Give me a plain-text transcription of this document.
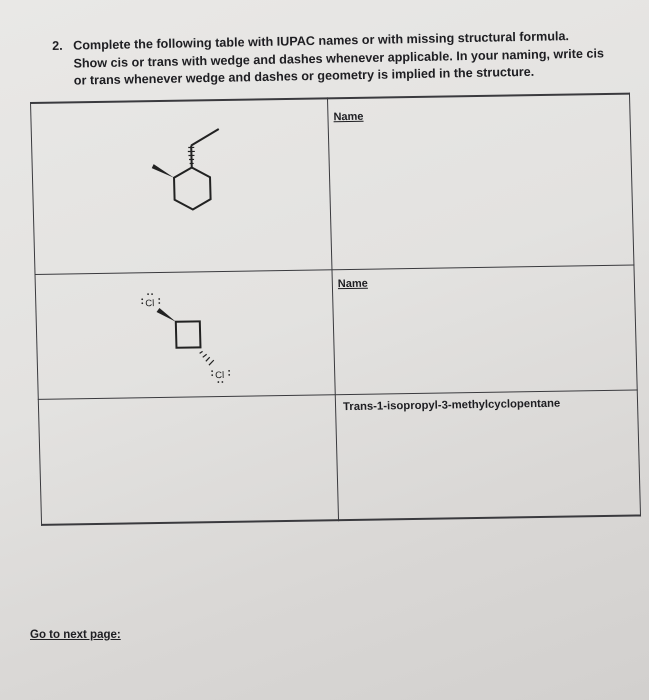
2. Complete the following table with IUPAC names or with missing structural formula.
Show cis or trans with wedge and dashes whenever applicable. In your naming, write cis
or trans whenever wedge and dashes or geometry is implied in the structure.
Name
Cl
Cl
Name
Trans-1-isopropyl-3-methylcyclopentane
Go to next page:
